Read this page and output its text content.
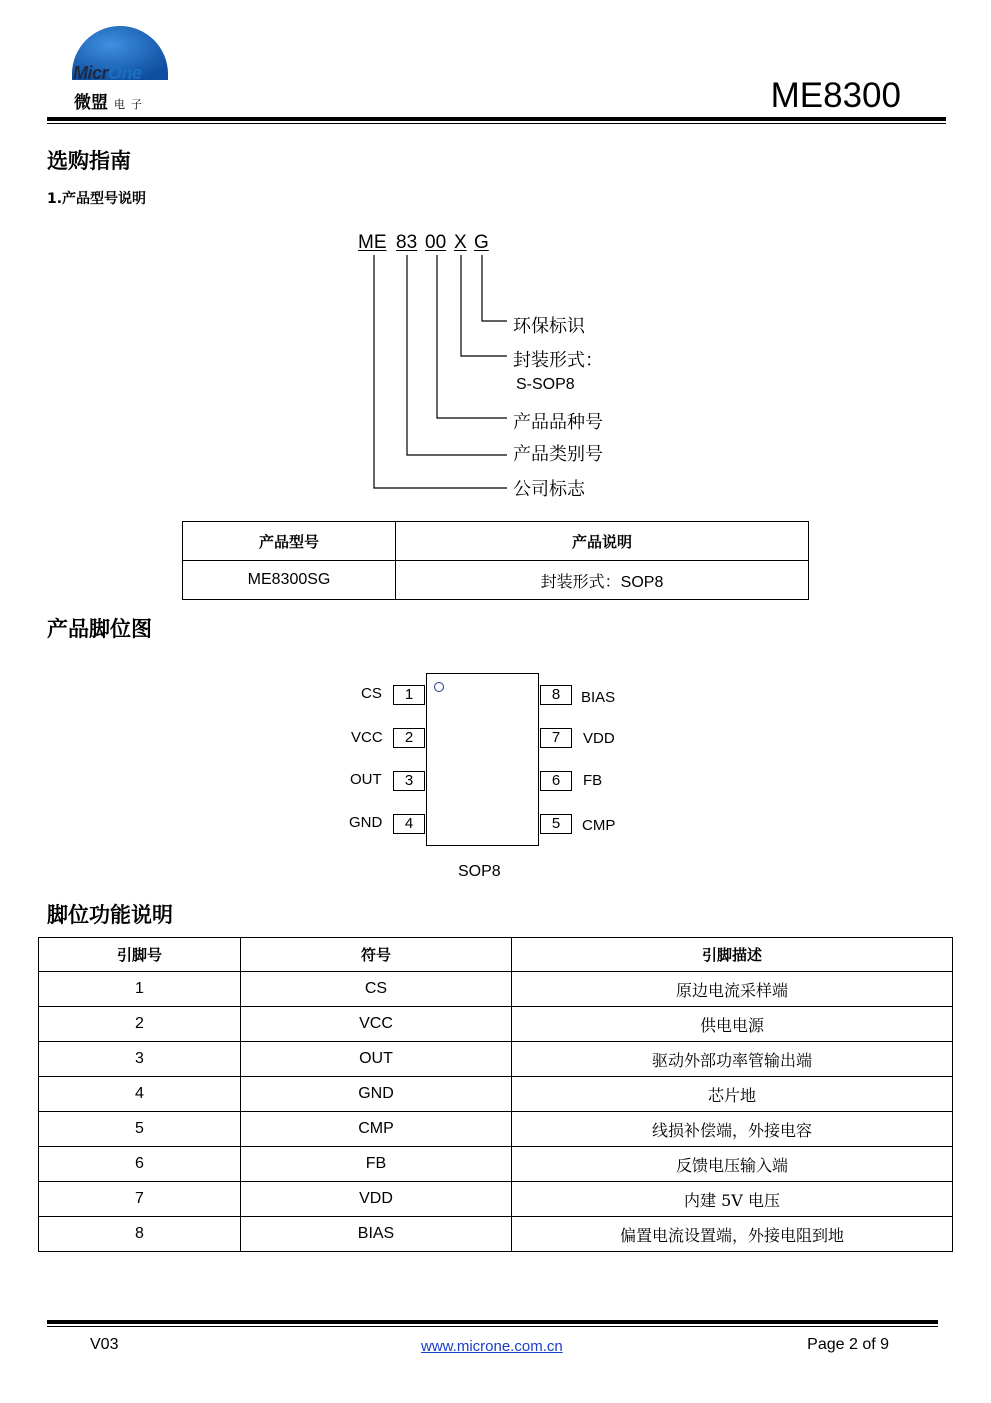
MicrOne
微盟 电子	ME8300
选购指南
1.产品型号说明
ME 83 00 X G
环保标识
封装形式：
S-SOP8
产品品种号
产品类别号
公司标志
产品型号	产品说明
ME8300SG	封装形式：SOP8
产品脚位图
CS	1
VCC	2
OUT	3
GND	4
8	BIAS
7	VDD
6	FB
5	CMP
SOP8
脚位功能说明
引脚号	符号	引脚描述
1	CS	原边电流采样端
2	VCC	供电电源
3	OUT	驱动外部功率管输出端
4	GND	芯片地
5	CMP	线损补偿端，外接电容
6	FB	反馈电压输入端
7	VDD	内建 5V 电压
8	BIAS	偏置电流设置端，外接电阻到地
V03	www.microne.com.cn	Page 2 of 9
